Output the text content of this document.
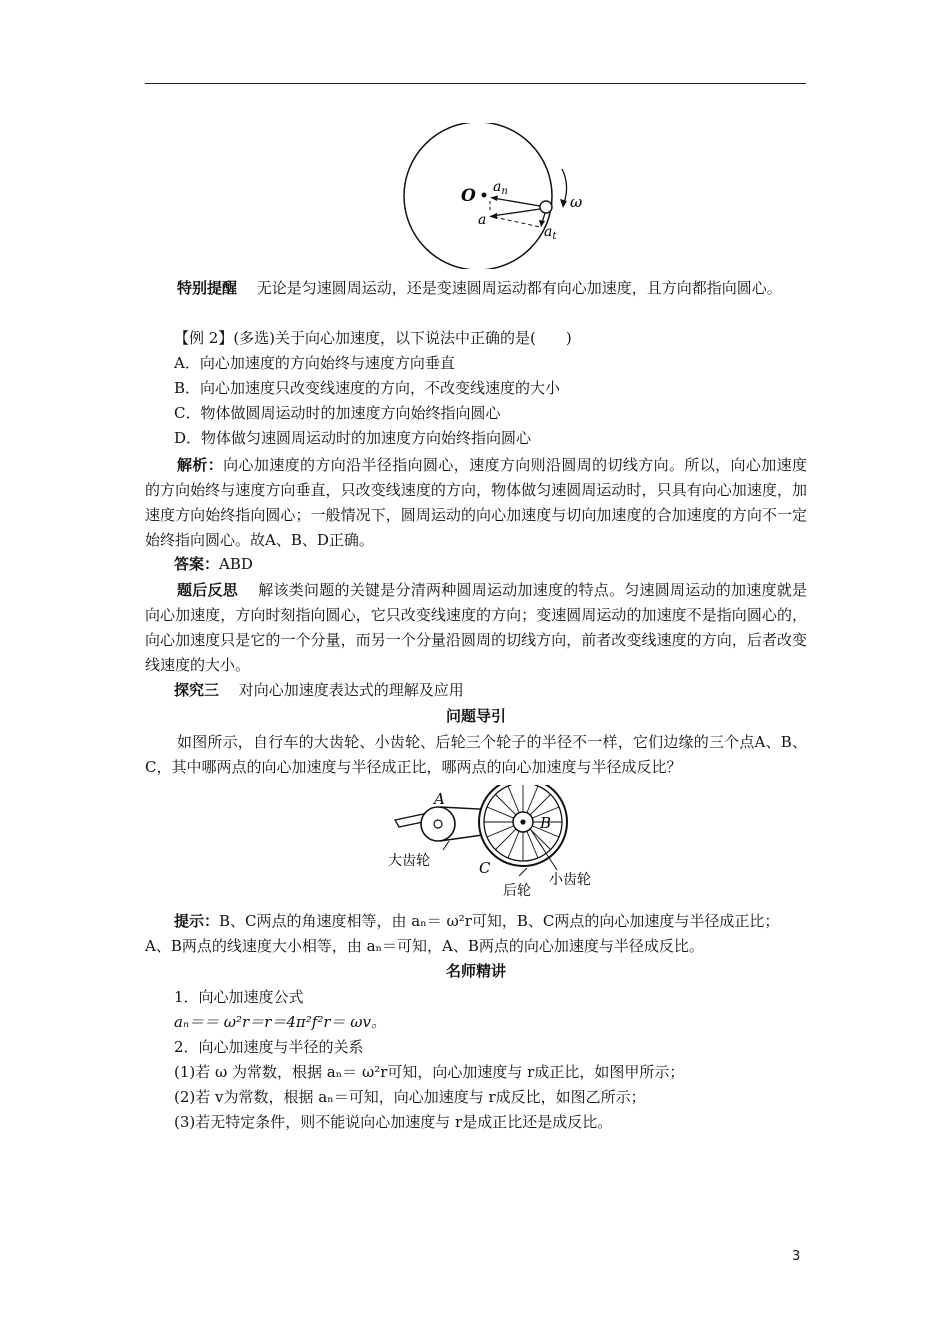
O $a_n$
a
$a_t$
ω

特别提醒　 无论是匀速圆周运动，还是变速圆周运动都有向心加速度，且方向都指向圆心。

【例 2】(多选)关于向心加速度，以下说法中正确的是(　　)

A．向心加速度的方向始终与速度方向垂直

B．向心加速度只改变线速度的方向，不改变线速度的大小

C．物体做圆周运动时的加速度方向始终指向圆心

D．物体做匀速圆周运动时的加速度方向始终指向圆心

解析：向心加速度的方向沿半径指向圆心，速度方向则沿圆周的切线方向。所以，向心加速度的方向始终与速度方向垂直，只改变线速度的方向，物体做匀速圆周运动时，只具有向心加速度，加速度方向始终指向圆心；一般情况下，圆周运动的向心加速度与切向加速度的合加速度的方向不一定始终指向圆心。故A、B、D正确。

答案：ABD

题后反思　 解该类问题的关键是分清两种圆周运动加速度的特点。匀速圆周运动的加速度就是向心加速度，方向时刻指向圆心，它只改变线速度的方向；变速圆周运动的加速度不是指向圆心的，向心加速度只是它的一个分量，而另一个分量沿圆周的切线方向，前者改变线速度的方向，后者改变线速度的大小。

探究三　 对向心加速度表达式的理解及应用

问题导引

如图所示，自行车的大齿轮、小齿轮、后轮三个轮子的半径不一样，它们边缘的三个点A、B、C，其中哪两点的向心加速度与半径成正比，哪两点的向心加速度与半径成反比？

A
B
C
大齿轮
后轮
小齿轮

提示：B、C两点的角速度相等，由 aₙ＝ ω²r可知，B、C两点的向心加速度与半径成正比；

A、B两点的线速度大小相等，由 aₙ＝可知，A、B两点的向心加速度与半径成反比。

名师精讲

1．向心加速度公式

aₙ＝＝ ω²r＝r＝4π²f²r＝ ωv。

2．向心加速度与半径的关系

(1)若 ω 为常数，根据 aₙ＝ ω²r可知，向心加速度与 r成正比，如图甲所示；

(2)若 v为常数，根据 aₙ＝可知，向心加速度与 r成反比，如图乙所示；

(3)若无特定条件，则不能说向心加速度与 r是成正比还是成反比。

3
